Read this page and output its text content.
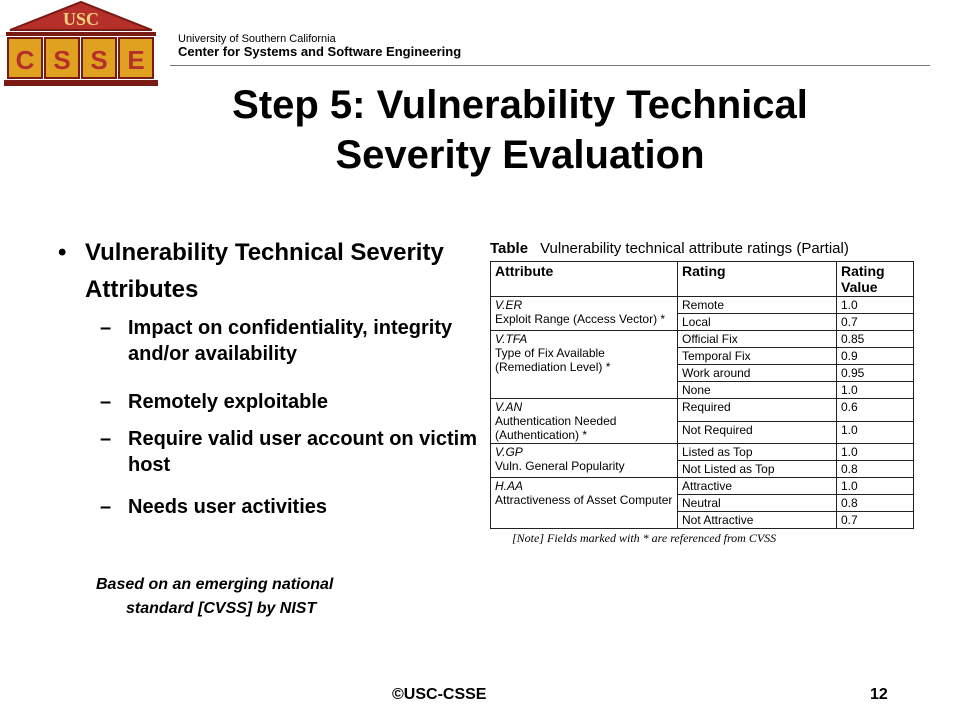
USC
C S S E
University of Southern California
Center for Systems and Software Engineering
Step 5: Vulnerability Technical
Severity Evaluation
• Vulnerability Technical Severity Attributes
– Impact on confidentiality, integrity and/or availability
– Remotely exploitable
– Require valid user account on victim host
– Needs user activities
Based on an emerging national
standard [CVSS] by NIST
Table Vulnerability technical attribute ratings (Partial)
Attribute	Rating	Rating Value

V.ER
Exploit Range (Access Vector) *	Remote	1.0
	Local	0.7

V.TFA
Type of Fix Available (Remediation Level) *	Official Fix	0.85
	Temporal Fix	0.9
	Work around	0.95
	None	1.0

V.AN
Authentication Needed (Authentication) *	Required	0.6
	Not Required	1.0

V.GP
Vuln. General Popularity	Listed as Top	1.0
	Not Listed as Top	0.8

H.AA
Attractiveness of Asset Computer	Attractive	1.0
	Neutral	0.8
	Not Attractive	0.7
[Note] Fields marked with * are referenced from CVSS
©USC-CSSE	12
